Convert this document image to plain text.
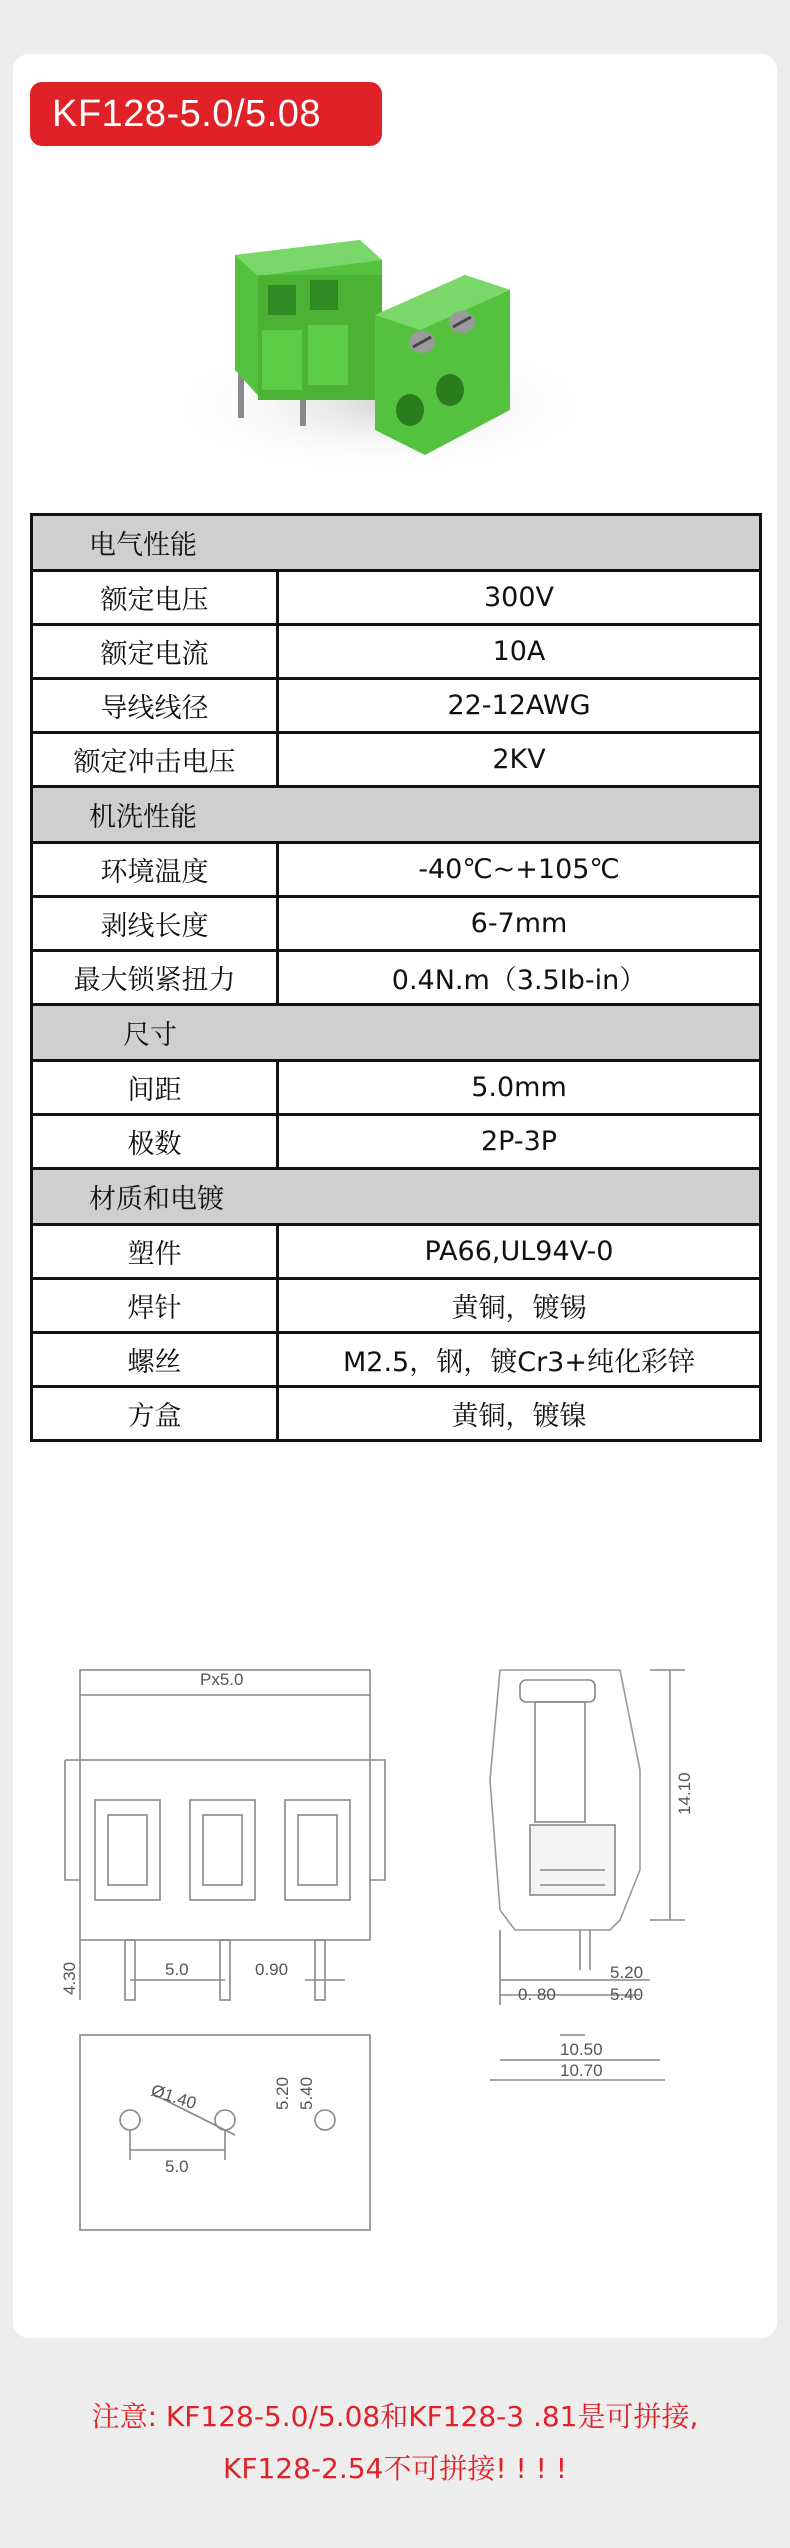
KF128-5.0/5.08
电气性能	
额定电压	300V
额定电流	10A
导线线径	22-12AWG
额定冲击电压	2KV
机洗性能	
环境温度	-40℃~+105℃
剥线长度	6-7mm
最大锁紧扭力	0.4N.m（3.5Ib-in）
尺寸	
间距	5.0mm
极数	2P-3P
材质和电镀	
塑件	PA66,UL94V-0
焊针	黄铜，镀锡
螺丝	M2.5，钢，镀Cr3+纯化彩锌
方盒	黄铜，镀镍
Px5.0
4.30	5.0	0.90
Ø1.40
5.0
5.20 5.40
14.10
5.20
5.40
0. 80
10.50
10.70
注意: KF128-5.0/5.08和KF128-3 .81是可拼接,
KF128-2.54不可拼接! ! ! !
